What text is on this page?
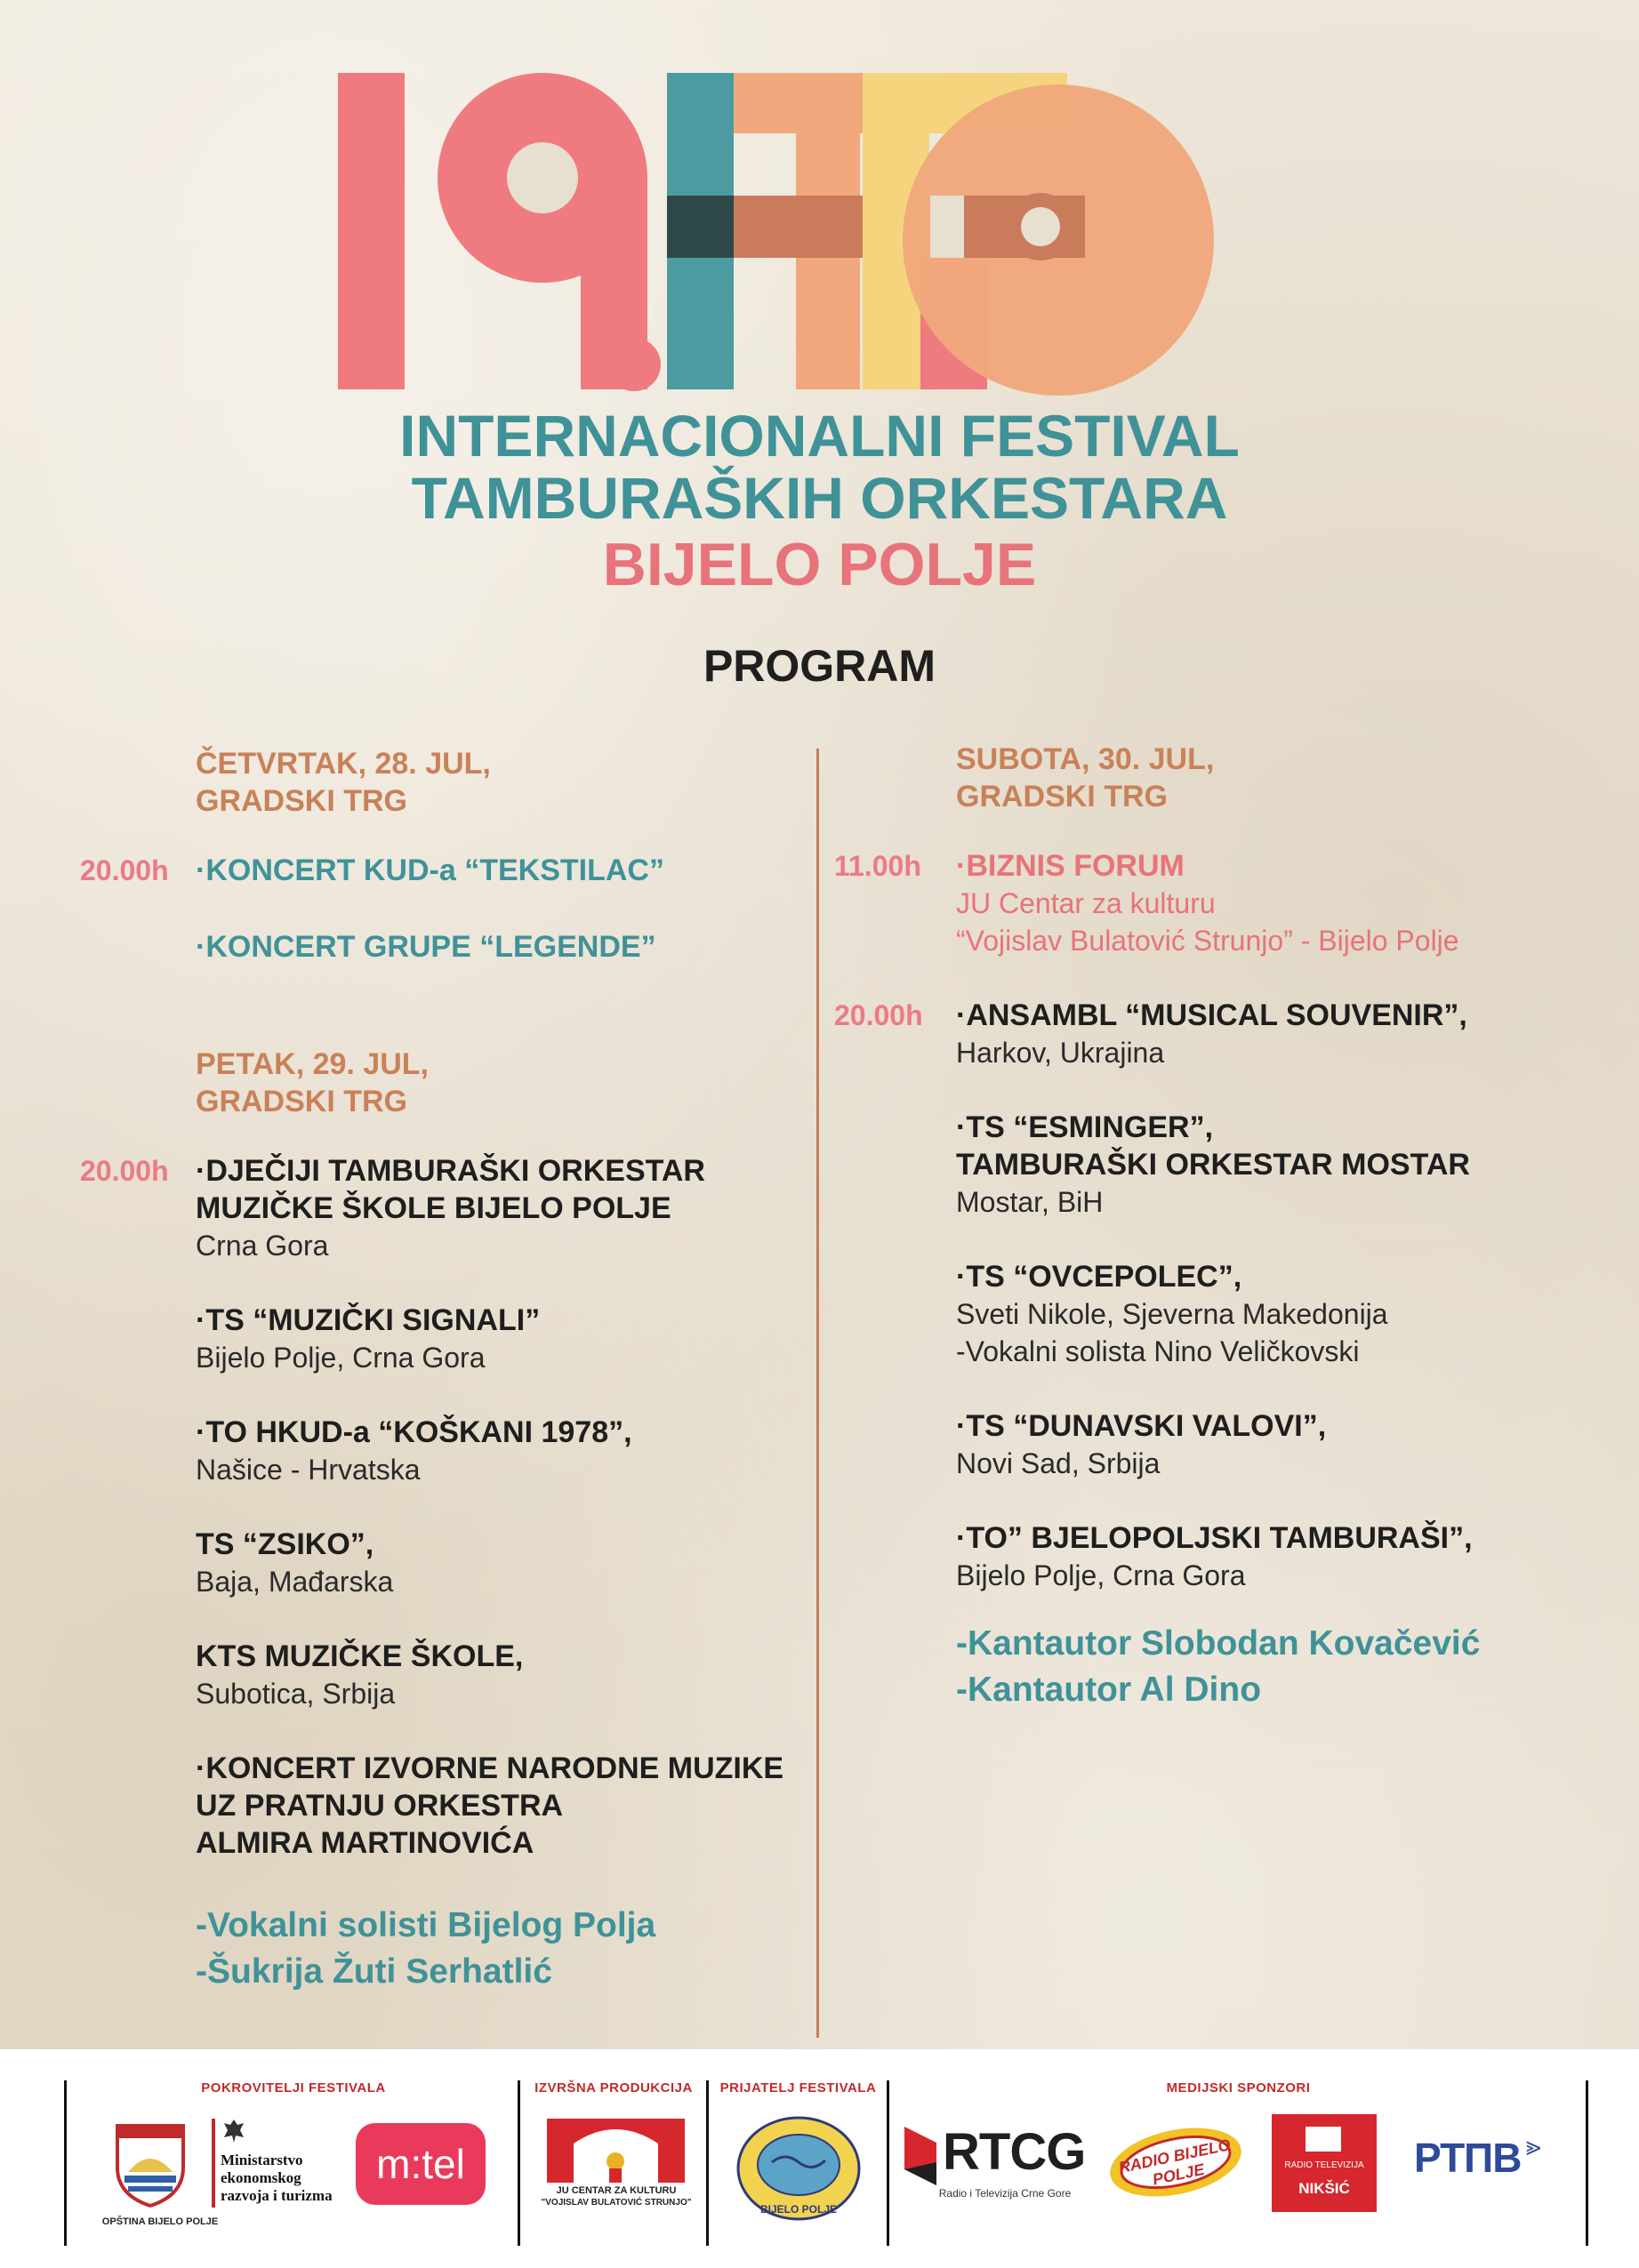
INTERNACIONALNI FESTIVAL
TAMBURAŠKIH ORKESTARA
BIJELO POLJE
PROGRAM
ČETVRTAK, 28. JUL,
GRADSKI TRG
20.00h ·KONCERT KUD-a “TEKSTILAC”
·KONCERT GRUPE “LEGENDE”
PETAK, 29. JUL,
GRADSKI TRG
20.00h ·DJEČIJI TAMBURAŠKI ORKESTAR
MUZIČKE ŠKOLE BIJELO POLJE
Crna Gora
·TS “MUZIČKI SIGNALI”
Bijelo Polje, Crna Gora
·TO HKUD-a “KOŠKANI 1978”,
Našice - Hrvatska
TS “ZSIKO”,
Baja, Mađarska
KTS MUZIČKE ŠKOLE,
Subotica, Srbija
·KONCERT IZVORNE NARODNE MUZIKE
UZ PRATNJU ORKESTRA
ALMIRA MARTINOVIĆA
-Vokalni solisti Bijelog Polja
-Šukrija Žuti Serhatlić
SUBOTA, 30. JUL,
GRADSKI TRG
11.00h ·BIZNIS FORUM
JU Centar za kulturu
“Vojislav Bulatović Strunjo” - Bijelo Polje
20.00h ·ANSAMBL “MUSICAL SOUVENIR”,
Harkov, Ukrajina
·TS “ESMINGER”,
TAMBURAŠKI ORKESTAR MOSTAR
Mostar, BiH
·TS “OVCEPOLEC”,
Sveti Nikole, Sjeverna Makedonija
-Vokalni solista Nino Veličkovski
·TS “DUNAVSKI VALOVI”,
Novi Sad, Srbija
·TO” BJELOPOLJSKI TAMBURAŠI”,
Bijelo Polje, Crna Gora
-Kantautor Slobodan Kovačević
-Kantautor Al Dino
POKROVITELJI FESTIVALA	IZVRŠNA PRODUKCIJA	PRIJATELJ FESTIVALA	MEDIJSKI SPONZORI
OPŠTINA BIJELO POLJE
Ministarstvo
ekonomskog
razvoja i turizma
m:tel
JU CENTAR ZA KULTURU
"VOJISLAV BULATOVIĆ STRUNJO"
BIJELO POLJE
RTCG
Radio i Televizija Crne Gore
RADIO BIJELO POLJE	RADIO TELEVIZIJA
NIKŠIĆ
РТПВ ⪢
